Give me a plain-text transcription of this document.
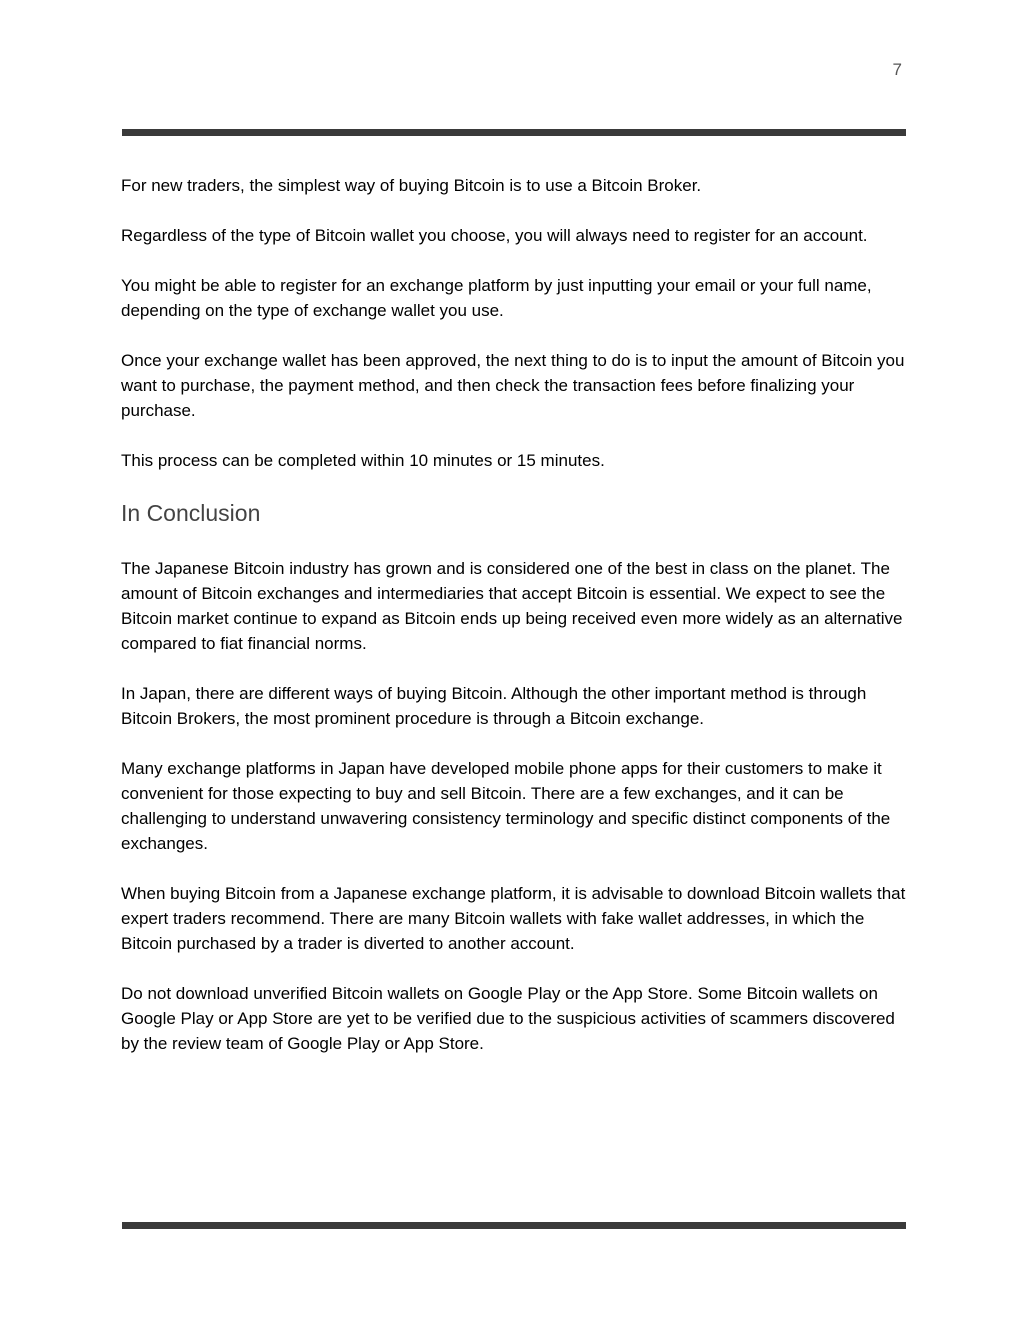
7

For new traders, the simplest way of buying Bitcoin is to use a Bitcoin Broker.

Regardless of the type of Bitcoin wallet you choose, you will always need to register for an account.

You might be able to register for an exchange platform by just inputting your email or your full name, depending on the type of exchange wallet you use.

Once your exchange wallet has been approved, the next thing to do is to input the amount of Bitcoin you want to purchase, the payment method, and then check the transaction fees before finalizing your purchase.

This process can be completed within 10 minutes or 15 minutes.

In Conclusion

The Japanese Bitcoin industry has grown and is considered one of the best in class on the planet. The amount of Bitcoin exchanges and intermediaries that accept Bitcoin is essential. We expect to see the Bitcoin market continue to expand as Bitcoin ends up being received even more widely as an alternative compared to fiat financial norms.

In Japan, there are different ways of buying Bitcoin. Although the other important method is through Bitcoin Brokers, the most prominent procedure is through a Bitcoin exchange.

Many exchange platforms in Japan have developed mobile phone apps for their customers to make it convenient for those expecting to buy and sell Bitcoin. There are a few exchanges, and it can be challenging to understand unwavering consistency terminology and specific distinct components of the exchanges.

When buying Bitcoin from a Japanese exchange platform, it is advisable to download Bitcoin wallets that expert traders recommend. There are many Bitcoin wallets with fake wallet addresses, in which the Bitcoin purchased by a trader is diverted to another account.

Do not download unverified Bitcoin wallets on Google Play or the App Store. Some Bitcoin wallets on Google Play or App Store are yet to be verified due to the suspicious activities of scammers discovered by the review team of Google Play or App Store.
